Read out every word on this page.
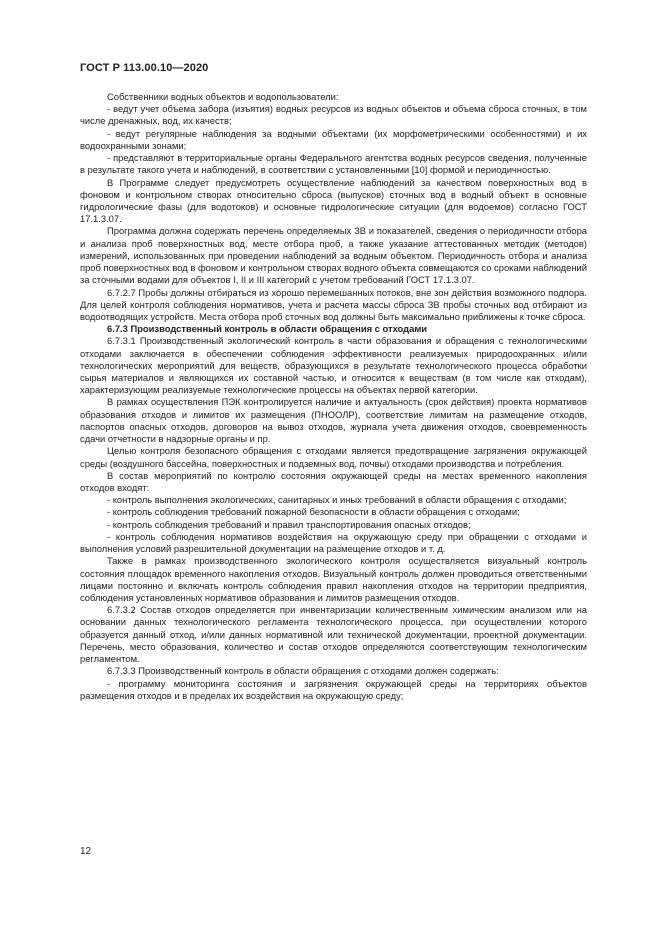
ГОСТ Р 113.00.10—2020

Собственники водных объектов и водопользователи:

- ведут учет объема забора (изъятия) водных ресурсов из водных объектов и объема сброса сточных, в том числе дренажных, вод, их качеств;

- ведут регулярные наблюдения за водными объектами (их морфометрическими особенностями) и их водоохранными зонами;

- представляют в территориальные органы Федерального агентства водных ресурсов сведения, полученные в результате такого учета и наблюдений, в соответствии с установленными [10] формой и периодичностью.

В Программе следует предусмотреть осуществление наблюдений за качеством поверхностных вод в фоновом и контрольном створах относительно сброса (выпусков) сточных вод в водный объект в основные гидрологические фазы (для водотоков) и основные гидрологические ситуации (для водоемов) согласно ГОСТ 17.1.3.07.

Программа должна содержать перечень определяемых ЗВ и показателей, сведения о периодичности отбора и анализа проб поверхностных вод, месте отбора проб, а также указание аттестованных методик (методов) измерений, использованных при проведении наблюдений за водным объектом. Периодичность отбора и анализа проб поверхностных вод в фоновом и контрольном створах водного объекта совмещаются со сроками наблюдений за сточными водами для объектов I, II и III категорий с учетом требований ГОСТ 17.1.3.07.

6.7.2.7 Пробы должны отбираться из хорошо перемешанных потоков, вне зон действия возможного подпора. Для целей контроля соблюдения нормативов, учета и расчета массы сброса ЗВ пробы сточных вод отбирают из водоотводящих устройств. Места отбора проб сточных вод должны быть максимально приближены к точке сброса.

6.7.3 Производственный контроль в области обращения с отходами

6.7.3.1 Производственный экологический контроль в части образования и обращения с технологическими отходами заключается в обеспечении соблюдения эффективности реализуемых природоохранных и/или технологических мероприятий для веществ, образующихся в результате технологического процесса обработки сырья материалов и являющихся их составной частью, и относится к веществам (в том числе как отходам), характеризующим реализуемые технологические процессы на объектах первой категории.

В рамках осуществления ПЭК контролируется наличие и актуальность (срок действия) проекта нормативов образования отходов и лимитов их размещения (ПНООЛР), соответствие лимитам на размещение отходов, паспортов опасных отходов, договоров на вывоз отходов, журнала учета движения отходов, своевременность сдачи отчетности в надзорные органы и пр.

Целью контроля безопасного обращения с отходами является предотвращение загрязнения окружающей среды (воздушного бассейна, поверхностных и подземных вод, почвы) отходами производства и потребления.

В состав мероприятий по контролю состояния окружающей среды на местах временного накопления отходов входят:

- контроль выполнения экологических, санитарных и иных требований в области обращения с отходами;

- контроль соблюдения требований пожарной безопасности в области обращения с отходами;

- контроль соблюдения требований и правил транспортирования опасных отходов;

- контроль соблюдения нормативов воздействия на окружающую среду при обращении с отходами и выполнения условий разрешительной документации на размещение отходов и т. д.

Также в рамках производственного экологического контроля осуществляется визуальный контроль состояния площадок временного накопления отходов. Визуальный контроль должен проводиться ответственными лицами постоянно и включать контроль соблюдения правил накопления отходов на территории предприятия, соблюдения установленных нормативов образования и лимитов размещения отходов.

6.7.3.2 Состав отходов определяется при инвентаризации количественным химическим анализом или на основании данных технологического регламента технологического процесса, при осуществлении которого образуется данный отход, и/или данных нормативной или технической документации, проектной документации. Перечень, место образования, количество и состав отходов определяются соответствующим технологическим регламентом.

6.7.3.3 Производственный контроль в области обращения с отходами должен содержать:

- программу мониторинга состояния и загрязнения окружающей среды на территориях объектов размещения отходов и в пределах их воздействия на окружающую среду;

12
